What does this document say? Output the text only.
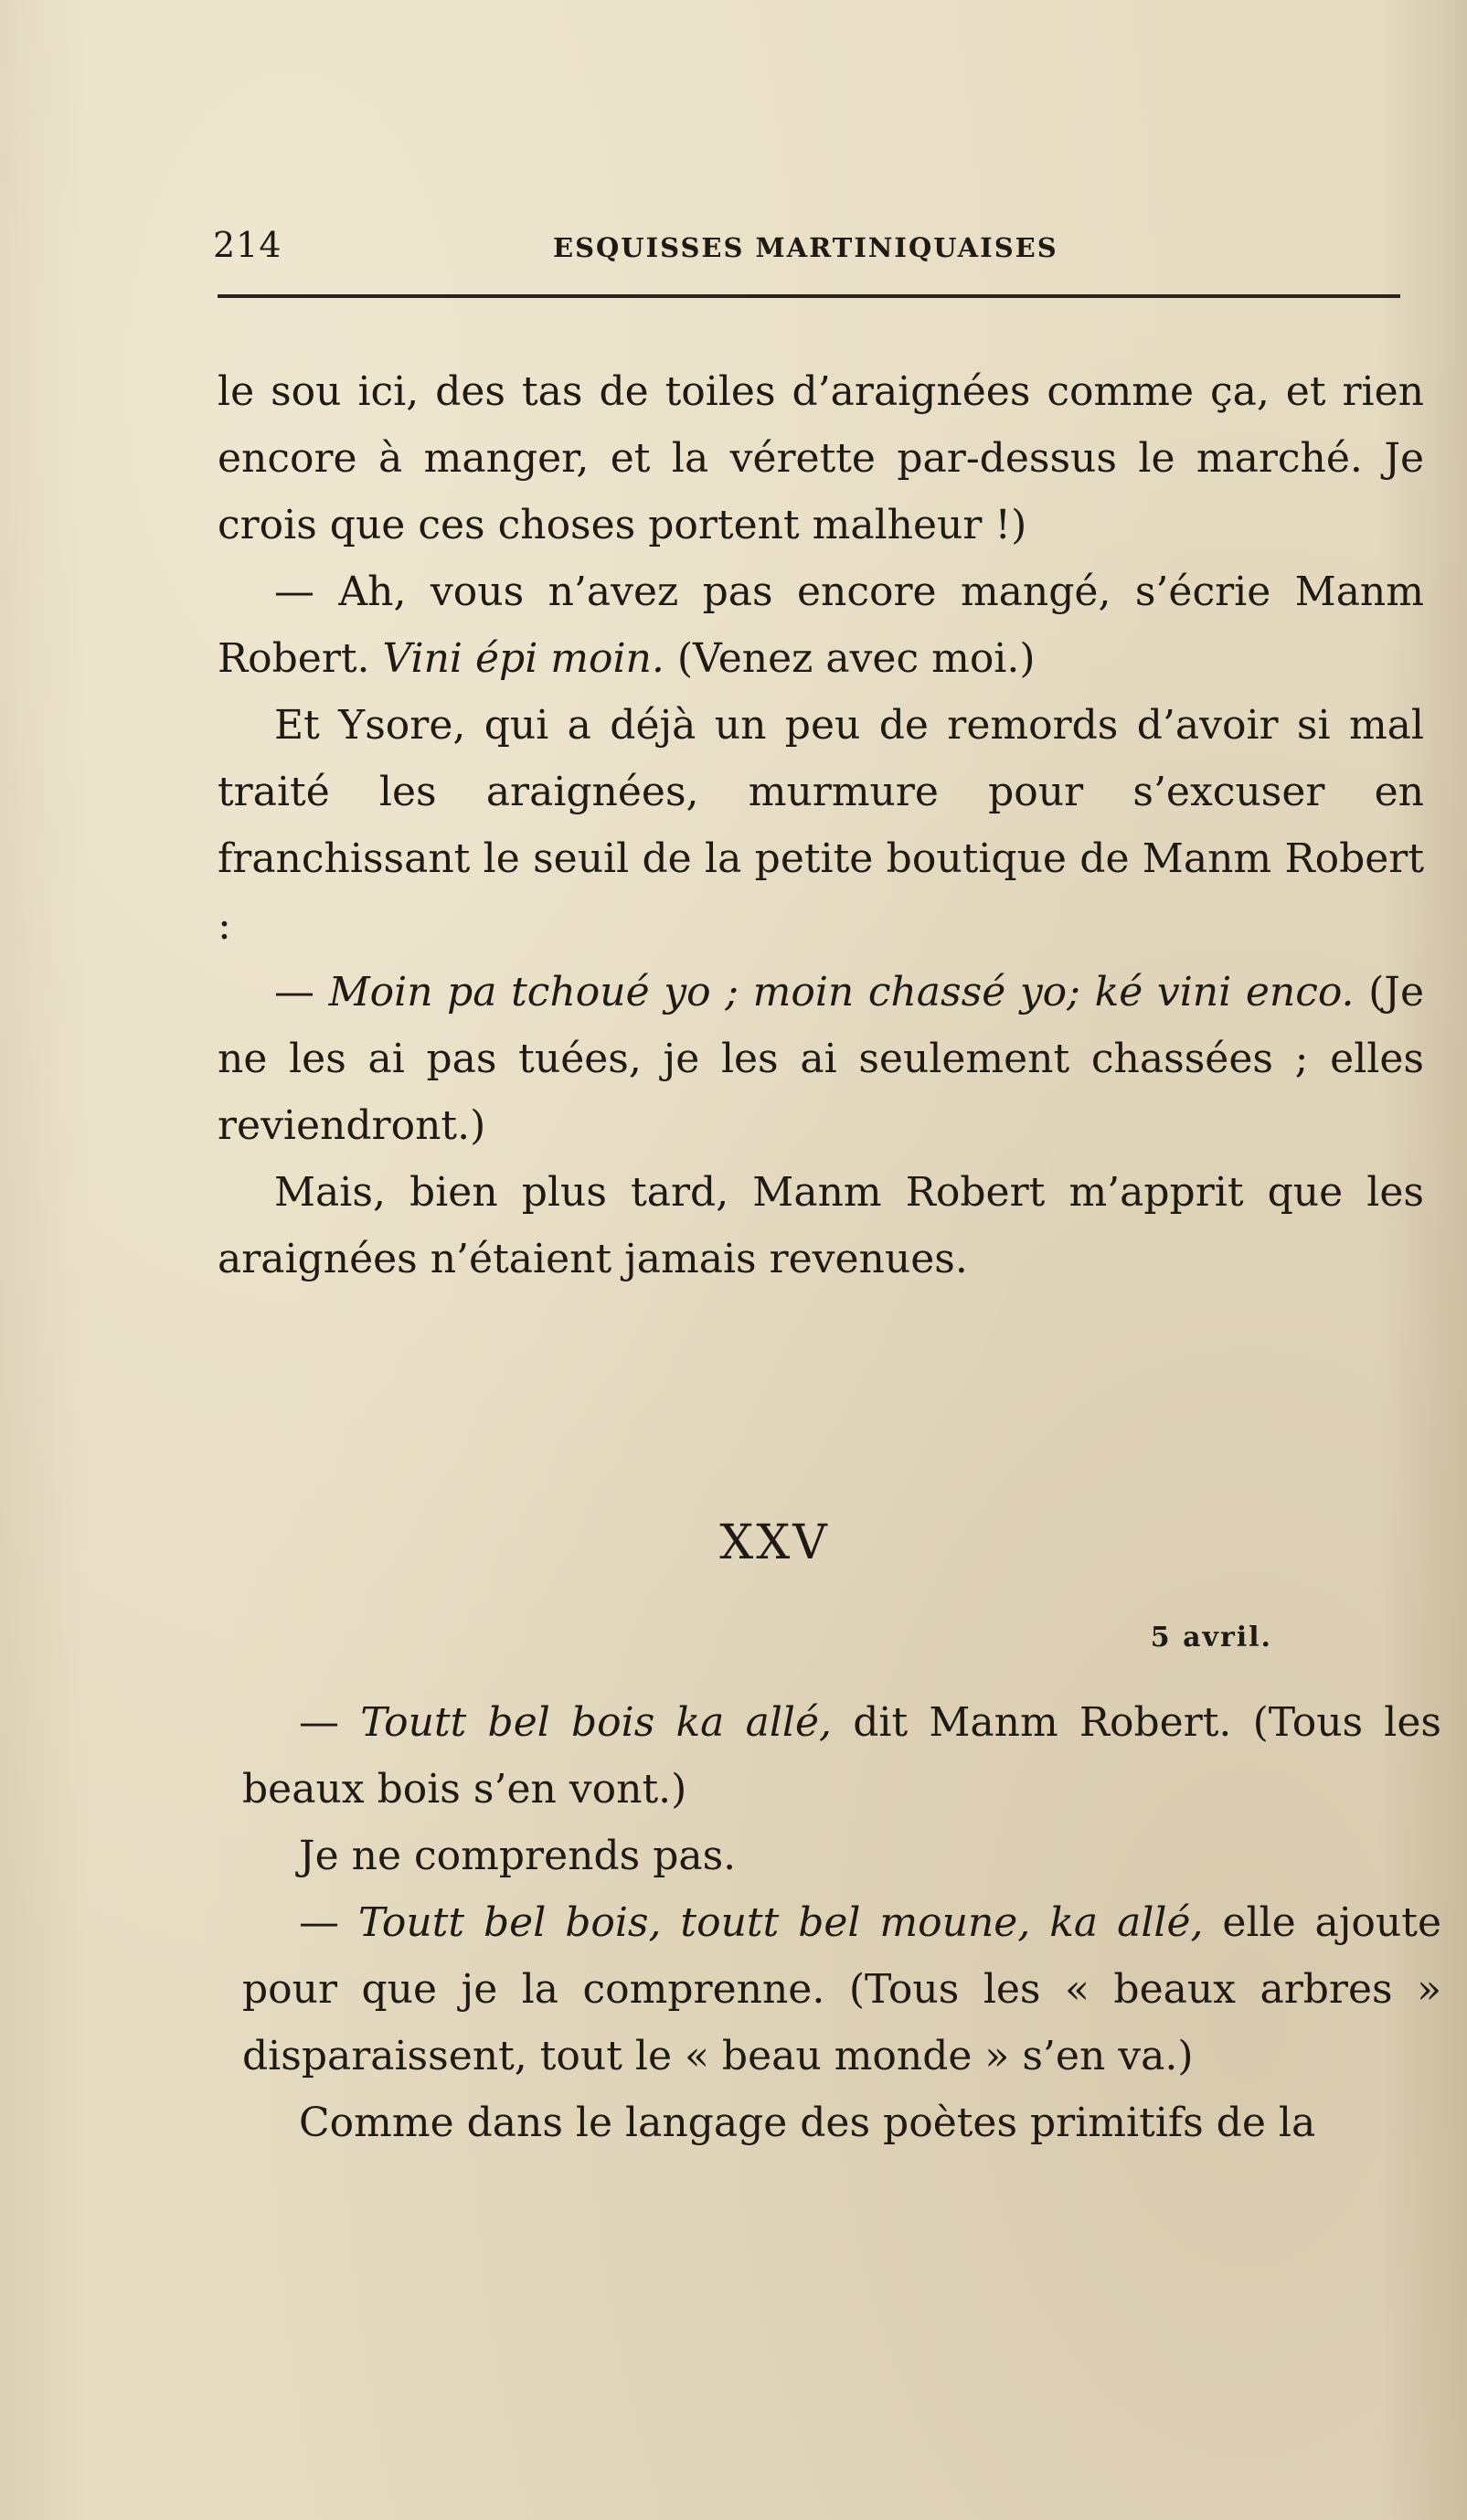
214	ESQUISSES MARTINIQUAISES

le sou ici, des tas de toiles d’araignées comme ça, et rien encore à manger, et la vérette par-dessus le marché. Je crois que ces choses portent malheur !)

— Ah, vous n’avez pas encore mangé, s’écrie Manm Robert. Vini épi moin. (Venez avec moi.)

Et Ysore, qui a déjà un peu de remords d’avoir si mal traité les araignées, murmure pour s’excuser en franchissant le seuil de la petite boutique de Manm Robert :

— Moin pa tchoué yo ; moin chassé yo; ké vini enco. (Je ne les ai pas tuées, je les ai seulement chassées ; elles reviendront.)

Mais, bien plus tard, Manm Robert m’apprit que les araignées n’étaient jamais revenues.

XXV
5 avril.

— Toutt bel bois ka allé, dit Manm Robert. (Tous les beaux bois s’en vont.)

Je ne comprends pas.

— Toutt bel bois, toutt bel moune, ka allé, elle ajoute pour que je la comprenne. (Tous les « beaux arbres » disparaissent, tout le « beau monde » s’en va.)

Comme dans le langage des poètes primitifs de la
